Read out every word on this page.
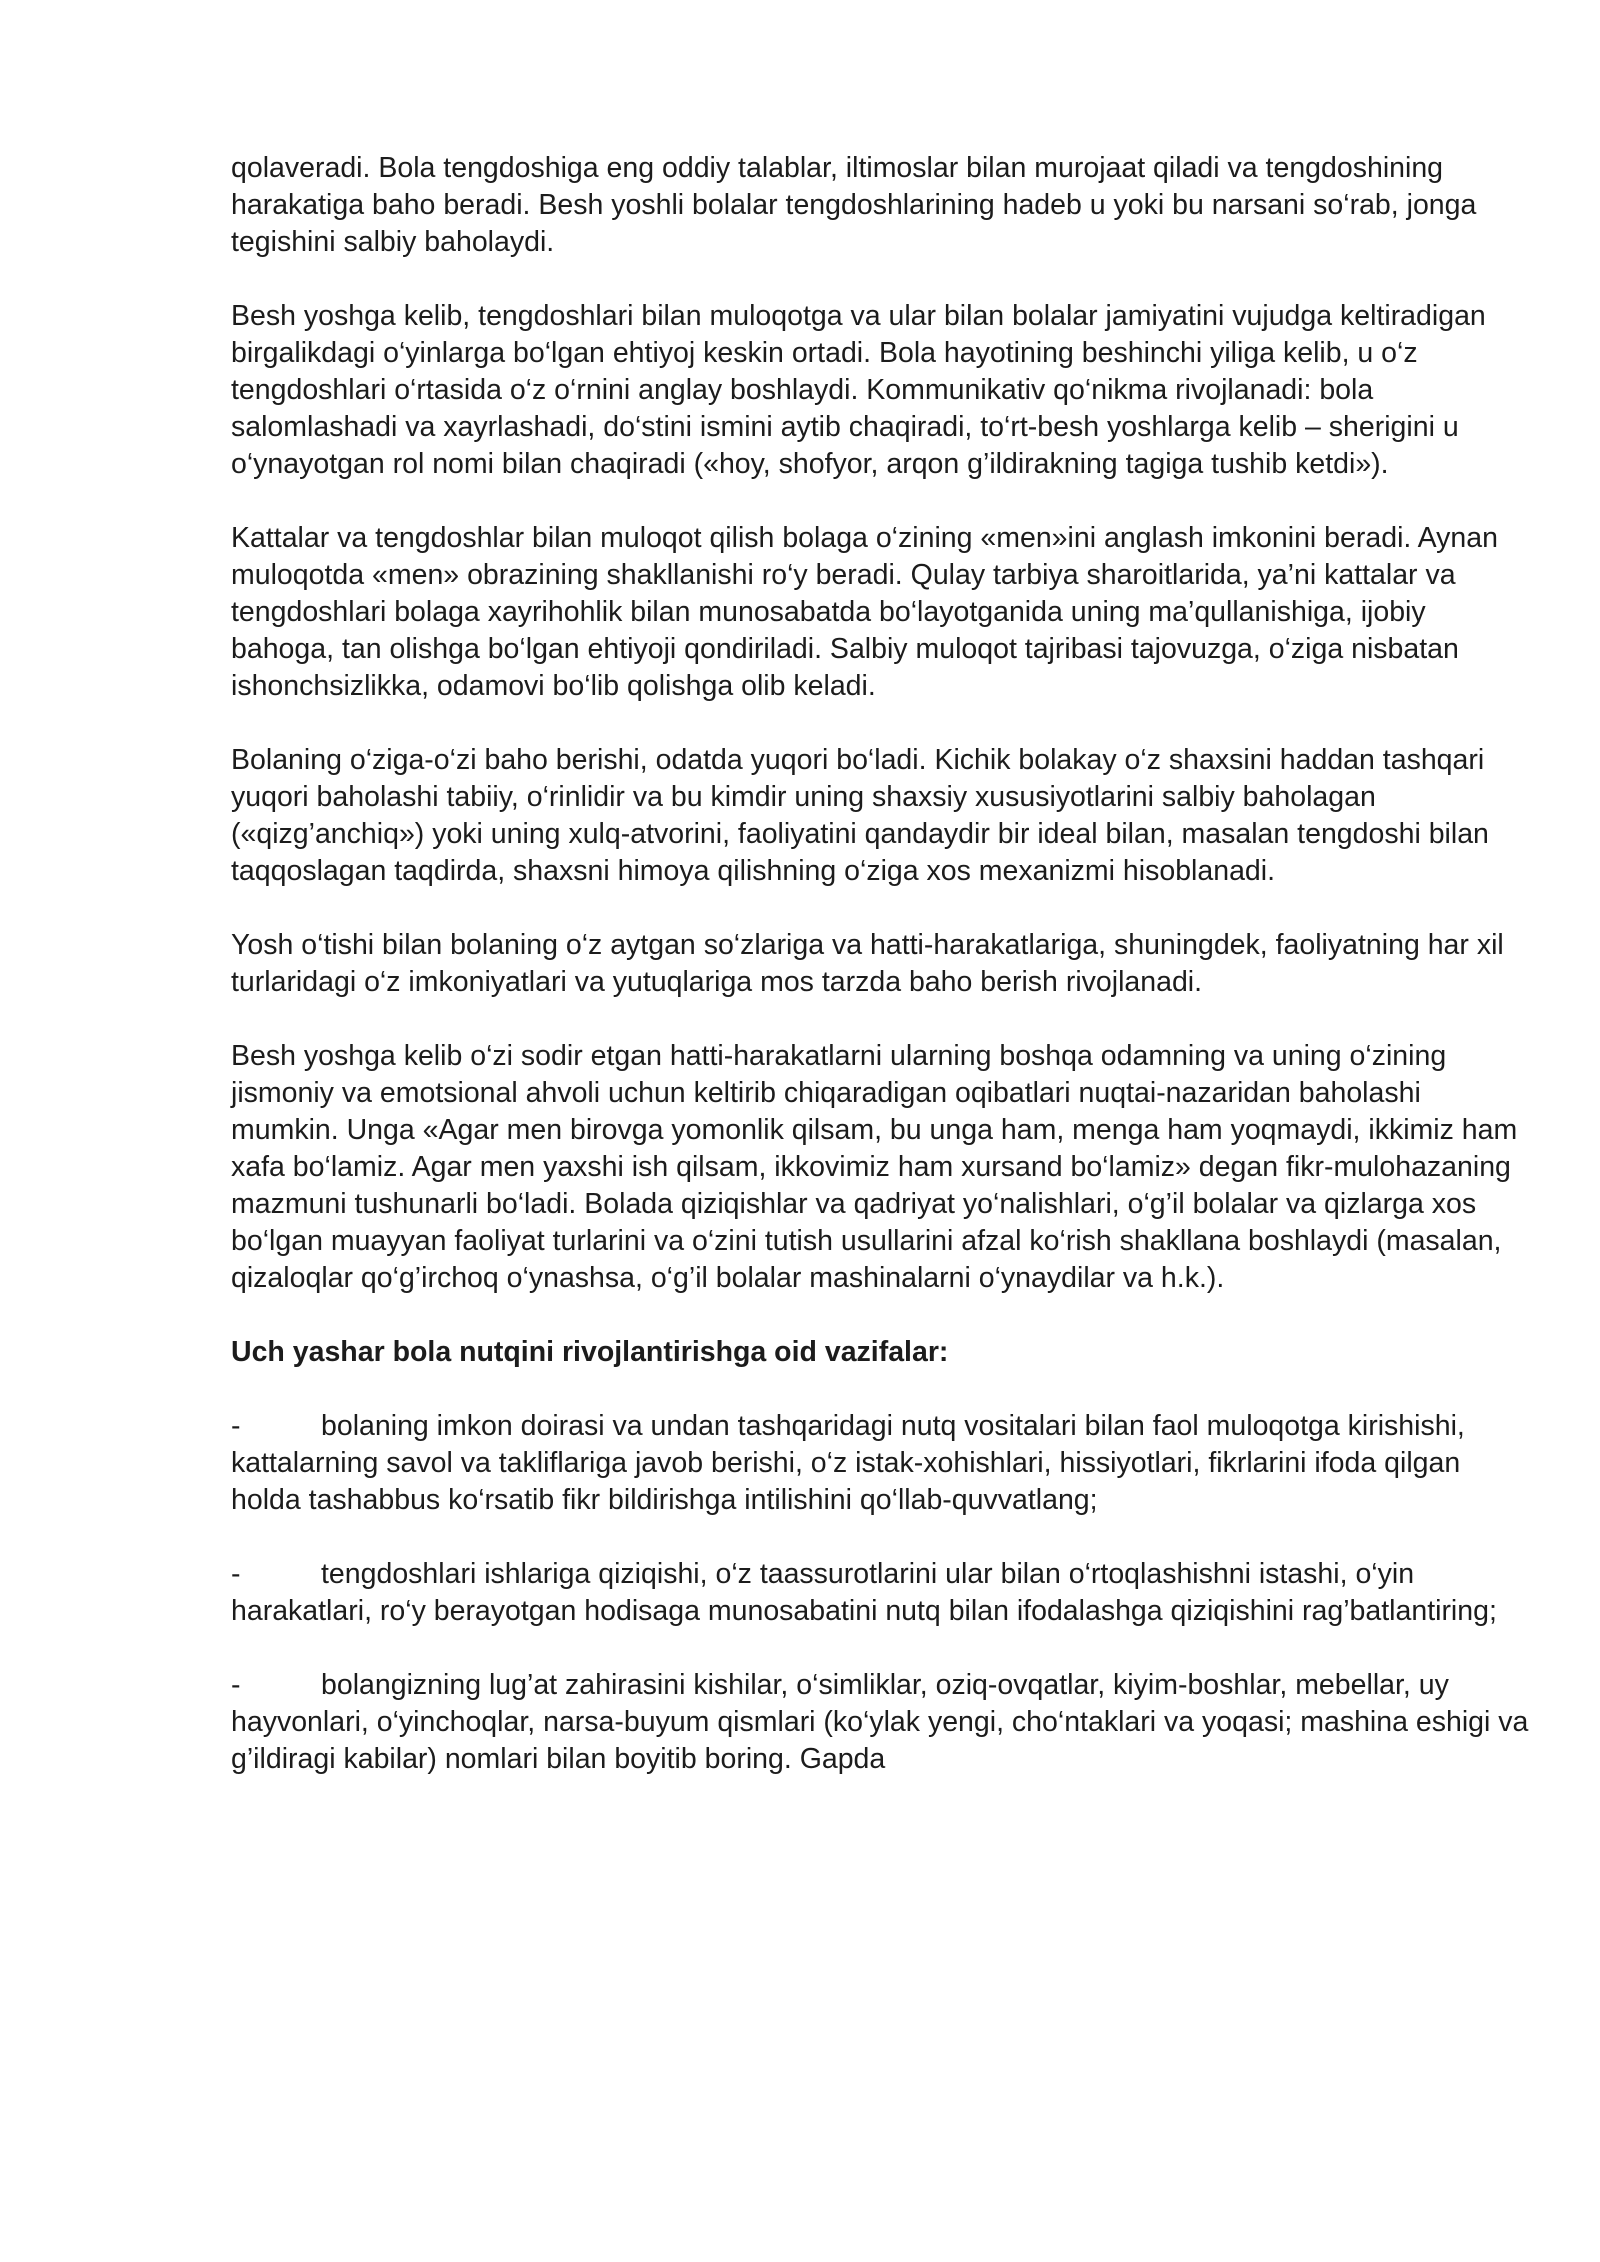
qolaveradi. Bola tengdoshiga eng oddiy talablar, iltimoslar bilan murojaat qiladi va tengdoshining harakatiga baho beradi. Besh yoshli bolalar tengdoshlarining hadeb u yoki bu narsani so‘rab, jonga tegishini salbiy baholaydi.

Besh yoshga kelib, tengdoshlari bilan muloqotga va ular bilan bolalar jamiyatini vujudga keltiradigan birgalikdagi o‘yinlarga bo‘lgan ehtiyoj keskin ortadi. Bola hayotining beshinchi yiliga kelib, u o‘z tengdoshlari o‘rtasida o‘z o‘rnini anglay boshlaydi. Kommunikativ qo‘nikma rivojlanadi: bola salomlashadi va xayrlashadi, do‘stini ismini aytib chaqiradi, to‘rt-besh yoshlarga kelib – sherigini u o‘ynayotgan rol nomi bilan chaqiradi («hoy, shofyor, arqon g’ildirakning tagiga tushib ketdi»).

Kattalar va tengdoshlar bilan muloqot qilish bolaga o‘zining «men»ini anglash imkonini beradi. Aynan muloqotda «men» obrazining shakllanishi ro‘y beradi. Qulay tarbiya sharoitlarida, ya’ni kattalar va tengdoshlari bolaga xayrihohlik bilan munosabatda bo‘layotganida uning ma’qullanishiga, ijobiy bahoga, tan olishga bo‘lgan ehtiyoji qondiriladi. Salbiy muloqot tajribasi tajovuzga, o‘ziga nisbatan ishonchsizlikka, odamovi bo‘lib qolishga olib keladi.

Bolaning o‘ziga-o‘zi baho berishi, odatda yuqori bo‘ladi. Kichik bolakay o‘z shaxsini haddan tashqari yuqori baholashi tabiiy, o‘rinlidir va bu kimdir uning shaxsiy xususiyotlarini salbiy baholagan («qizg’anchiq») yoki uning xulq-atvorini, faoliyatini qandaydir bir ideal bilan, masalan tengdoshi bilan taqqoslagan taqdirda, shaxsni himoya qilishning o‘ziga xos mexanizmi hisoblanadi.

Yosh o‘tishi bilan bolaning o‘z aytgan so‘zlariga va hatti-harakatlariga, shuningdek, faoliyatning har xil turlaridagi o‘z imkoniyatlari va yutuqlariga mos tarzda baho berish rivojlanadi.

Besh yoshga kelib o‘zi sodir etgan hatti-harakatlarni ularning boshqa odamning va uning o‘zining jismoniy va emotsional ahvoli uchun keltirib chiqaradigan oqibatlari nuqtai-nazaridan baholashi mumkin. Unga «Agar men birovga yomonlik qilsam, bu unga ham, menga ham yoqmaydi, ikkimiz ham xafa bo‘lamiz. Agar men yaxshi ish qilsam, ikkovimiz ham xursand bo‘lamiz» degan fikr-mulohazaning mazmuni tushunarli bo‘ladi. Bolada qiziqishlar va qadriyat yo‘nalishlari, o‘g’il bolalar va qizlarga xos bo‘lgan muayyan faoliyat turlarini va o‘zini tutish usullarini afzal ko‘rish shakllana boshlaydi (masalan, qizaloqlar qo‘g’irchoq o‘ynashsa, o‘g’il bolalar mashinalarni o‘ynaydilar va h.k.).

Uch yashar bola nutqini rivojlantirishga oid vazifalar:

-	bolaning imkon doirasi va undan tashqaridagi nutq vositalari bilan faol muloqotga kirishishi, kattalarning savol va takliflariga javob berishi, o‘z istak-xohishlari, hissiyotlari, fikrlarini ifoda qilgan holda tashabbus ko‘rsatib fikr bildirishga intilishini qo‘llab-quvvatlang;

-	tengdoshlari ishlariga qiziqishi, o‘z taassurotlarini ular bilan o‘rtoqlashishni istashi, o‘yin harakatlari, ro‘y berayotgan hodisaga munosabatini nutq bilan ifodalashga qiziqishini rag’batlantiring;

-	bolangizning lug’at zahirasini kishilar, o‘simliklar, oziq-ovqatlar, kiyim-boshlar, mebellar, uy hayvonlari, o‘yinchoqlar, narsa-buyum qismlari (ko‘ylak yengi, cho‘ntaklari va yoqasi; mashina eshigi va g’ildiragi kabilar) nomlari bilan boyitib boring. Gapda
